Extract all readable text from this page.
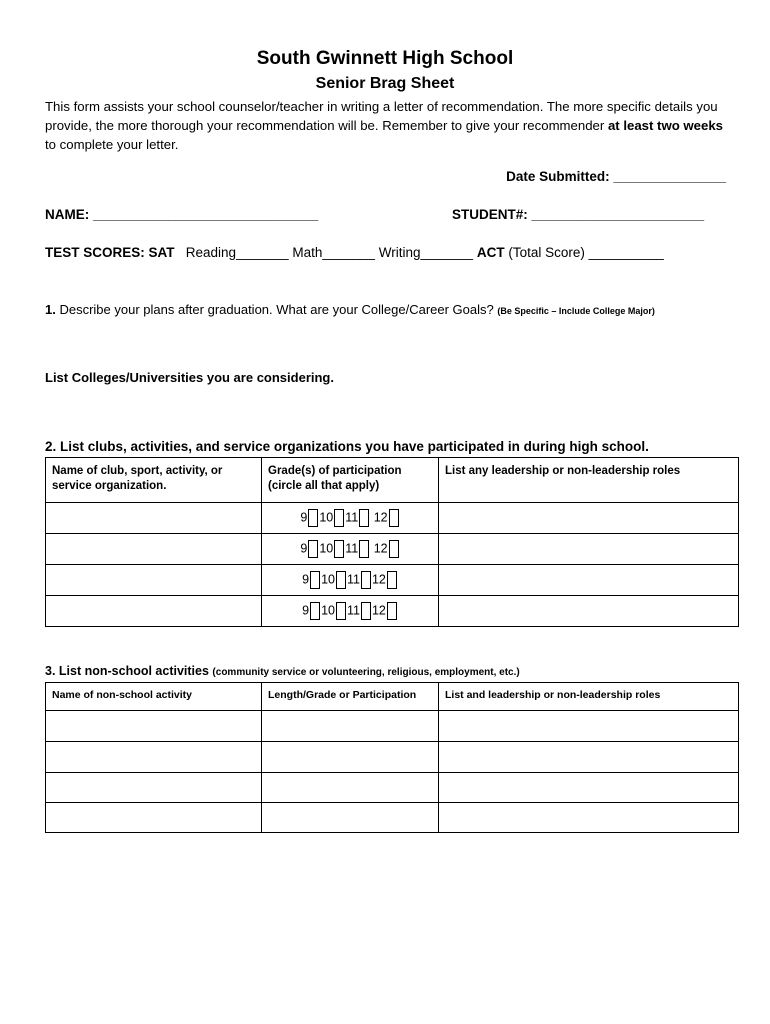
South Gwinnett High School
Senior Brag Sheet
This form assists your school counselor/teacher in writing a letter of recommendation. The more specific details you provide, the more thorough your recommendation will be. Remember to give your recommender at least two weeks to complete your letter.
Date Submitted: _______________
NAME: ______________________________	STUDENT#: _______________________
TEST SCORES: SAT Reading_______ Math_______ Writing_______ ACT (Total Score) __________
1. Describe your plans after graduation. What are your College/Career Goals? (Be Specific – Include College Major)
List Colleges/Universities you are considering.
2. List clubs, activities, and service organizations you have participated in during high school.
Name of club, sport, activity, or service organization.	Grade(s) of participation (circle all that apply)	List any leadership or non-leadership roles
	9 10 11 12	
	9 10 11 12	
	9 10 11 12	
	9 10 11 12	
3. List non-school activities (community service or volunteering, religious, employment, etc.)
Name of non-school activity	Length/Grade or Participation	List and leadership or non-leadership roles
